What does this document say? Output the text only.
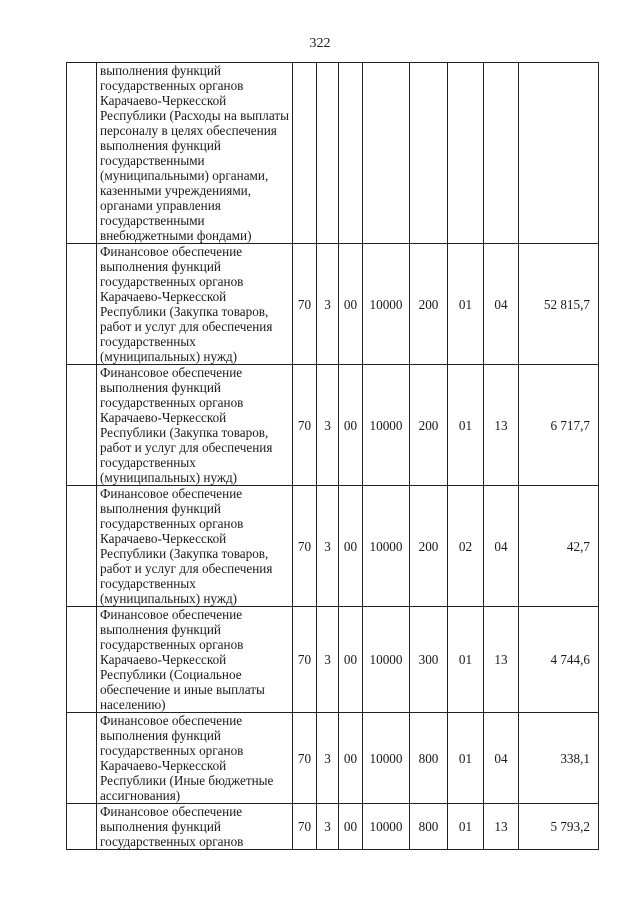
322
	выполнения функций государственных органов Карачаево-Черкесской Республики (Расходы на выплаты персоналу в целях обеспечения выполнения функций государственными (муниципальными) органами, казенными учреждениями, органами управления государственными внебюджетными фондами)								
	Финансовое обеспечение выполнения функций государственных органов Карачаево-Черкесской Республики (Закупка товаров, работ и услуг для обеспечения государственных (муниципальных) нужд)	70	3	00	10000	200	01	04	52 815,7
	Финансовое обеспечение выполнения функций государственных органов Карачаево-Черкесской Республики (Закупка товаров, работ и услуг для обеспечения государственных (муниципальных) нужд)	70	3	00	10000	200	01	13	6 717,7
	Финансовое обеспечение выполнения функций государственных органов Карачаево-Черкесской Республики (Закупка товаров, работ и услуг для обеспечения государственных (муниципальных) нужд)	70	3	00	10000	200	02	04	42,7
	Финансовое обеспечение выполнения функций государственных органов Карачаево-Черкесской Республики (Социальное обеспечение и иные выплаты населению)	70	3	00	10000	300	01	13	4 744,6
	Финансовое обеспечение выполнения функций государственных органов Карачаево-Черкесской Республики (Иные бюджетные ассигнования)	70	3	00	10000	800	01	04	338,1
	Финансовое обеспечение выполнения функций государственных органов	70	3	00	10000	800	01	13	5 793,2
